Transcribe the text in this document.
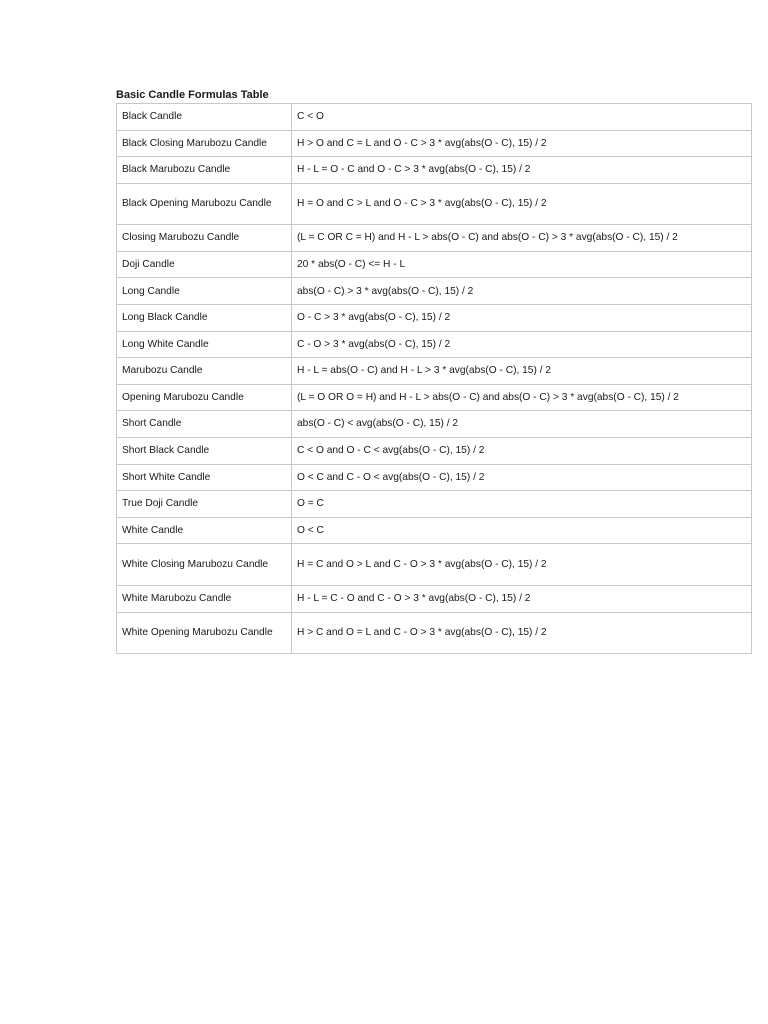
Basic Candle Formulas Table
Black Candle	C < O
Black Closing Marubozu Candle	H > O and C = L and O - C > 3 * avg(abs(O - C), 15) / 2
Black Marubozu Candle	H - L = O - C and O - C > 3 * avg(abs(O - C), 15) / 2
Black Opening Marubozu Candle	H = O and C > L and O - C > 3 * avg(abs(O - C), 15) / 2
Closing Marubozu Candle	(L = C OR C = H) and H - L > abs(O - C) and abs(O - C) > 3 * avg(abs(O - C), 15) / 2
Doji Candle	20 * abs(O - C) <= H - L
Long Candle	abs(O - C) > 3 * avg(abs(O - C), 15) / 2
Long Black Candle	O - C > 3 * avg(abs(O - C), 15) / 2
Long White Candle	C - O > 3 * avg(abs(O - C), 15) / 2
Marubozu Candle	H - L = abs(O - C) and H - L > 3 * avg(abs(O - C), 15) / 2
Opening Marubozu Candle	(L = O OR O = H) and H - L > abs(O - C) and abs(O - C) > 3 * avg(abs(O - C), 15) / 2
Short Candle	abs(O - C) < avg(abs(O - C), 15) / 2
Short Black Candle	C < O and O - C < avg(abs(O - C), 15) / 2
Short White Candle	O < C and C - O < avg(abs(O - C), 15) / 2
True Doji Candle	O = C
White Candle	O < C
White Closing Marubozu Candle	H = C and O > L and C - O > 3 * avg(abs(O - C), 15) / 2
White Marubozu Candle	H - L = C - O and C - O > 3 * avg(abs(O - C), 15) / 2
White Opening Marubozu Candle	H > C and O = L and C - O > 3 * avg(abs(O - C), 15) / 2
